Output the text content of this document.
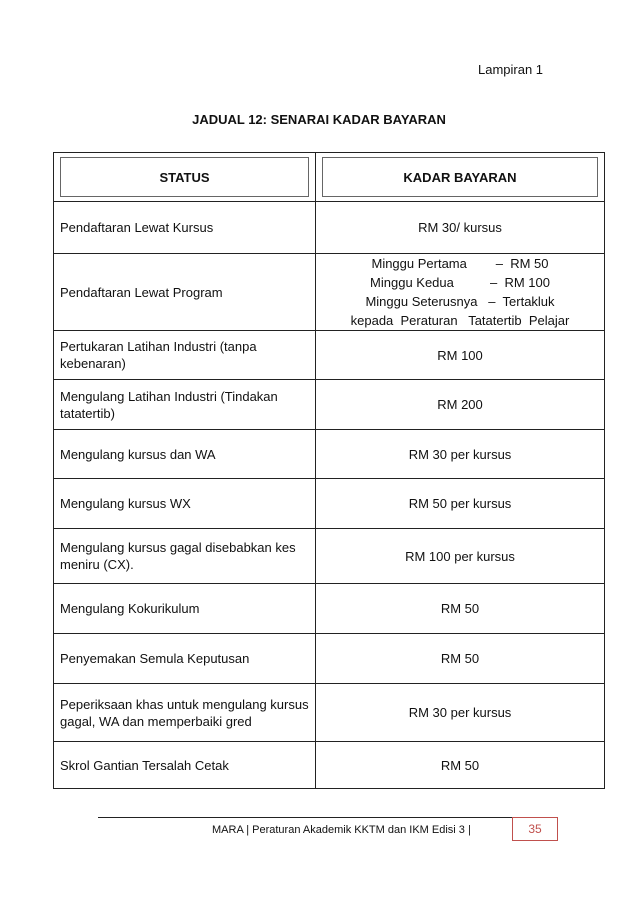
Lampiran 1
JADUAL 12: SENARAI KADAR BAYARAN
STATUS	KADAR BAYARAN

Pendaftaran Lewat Kursus	RM 30/ kursus
Pendaftaran Lewat Program	Minggu Pertama        –  RM 50
Minggu Kedua          –  RM 100
Minggu Seterusnya   –  Tertakluk
kepada  Peraturan   Tatatertib  Pelajar

Pertukaran Latihan Industri (tanpa kebenaran)	RM 100
Mengulang Latihan Industri (Tindakan tatatertib)	RM 200
Mengulang kursus dan WA	RM 30 per kursus
Mengulang kursus WX	RM 50 per kursus
Mengulang kursus gagal disebabkan kes meniru (CX).	RM 100 per kursus
Mengulang Kokurikulum	RM 50
Penyemakan Semula Keputusan	RM 50
Peperiksaan khas untuk mengulang kursus gagal, WA dan memperbaiki gred	RM 30 per kursus
Skrol Gantian Tersalah Cetak	RM 50
MARA | Peraturan Akademik KKTM dan IKM Edisi 3 |	35
